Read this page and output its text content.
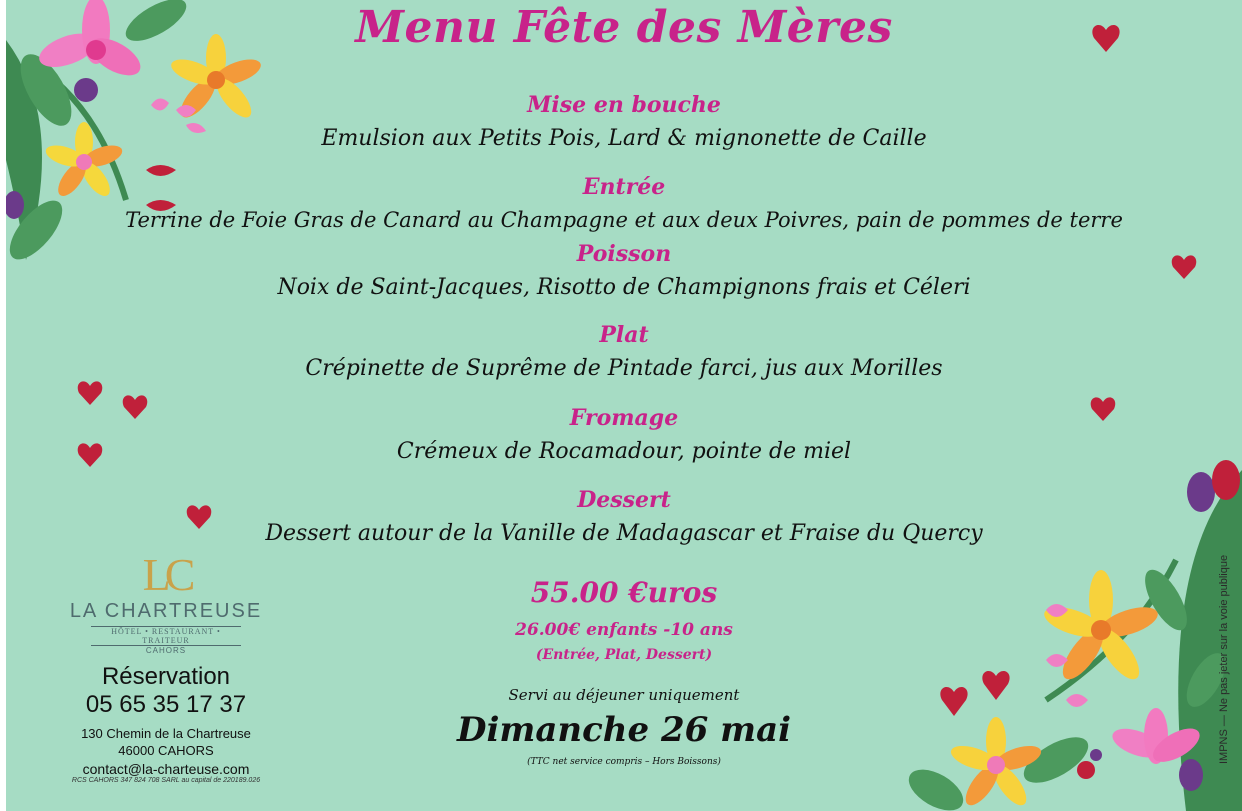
Menu Fête des Mères
Mise en bouche
Emulsion aux Petits Pois, Lard & mignonette de Caille
Entrée
Terrine de Foie Gras de Canard au Champagne et aux deux Poivres, pain de pommes de terre
Poisson
Noix de Saint-Jacques, Risotto de Champignons frais et Céleri
Plat
Crépinette de Suprême de Pintade farci, jus aux Morilles
Fromage
Crémeux de Rocamadour, pointe de miel
Dessert
Dessert autour de la Vanille de Madagascar et Fraise du Quercy
55.00 €uros
26.00€ enfants -10 ans
(Entrée, Plat, Dessert)
Servi au déjeuner uniquement
Dimanche 26 mai
(TTC net service compris – Hors Boissons)
LC
LA CHARTREUSE
HÔTEL • RESTAURANT • TRAITEUR
CAHORS
Réservation
05 65 35 17 37
130 Chemin de la Chartreuse
46000 CAHORS
contact@la-charteuse.com
RCS CAHORS 347 824 708 SARL au capital de 220189.026
IMPNS — Ne pas jeter sur la voie publique
